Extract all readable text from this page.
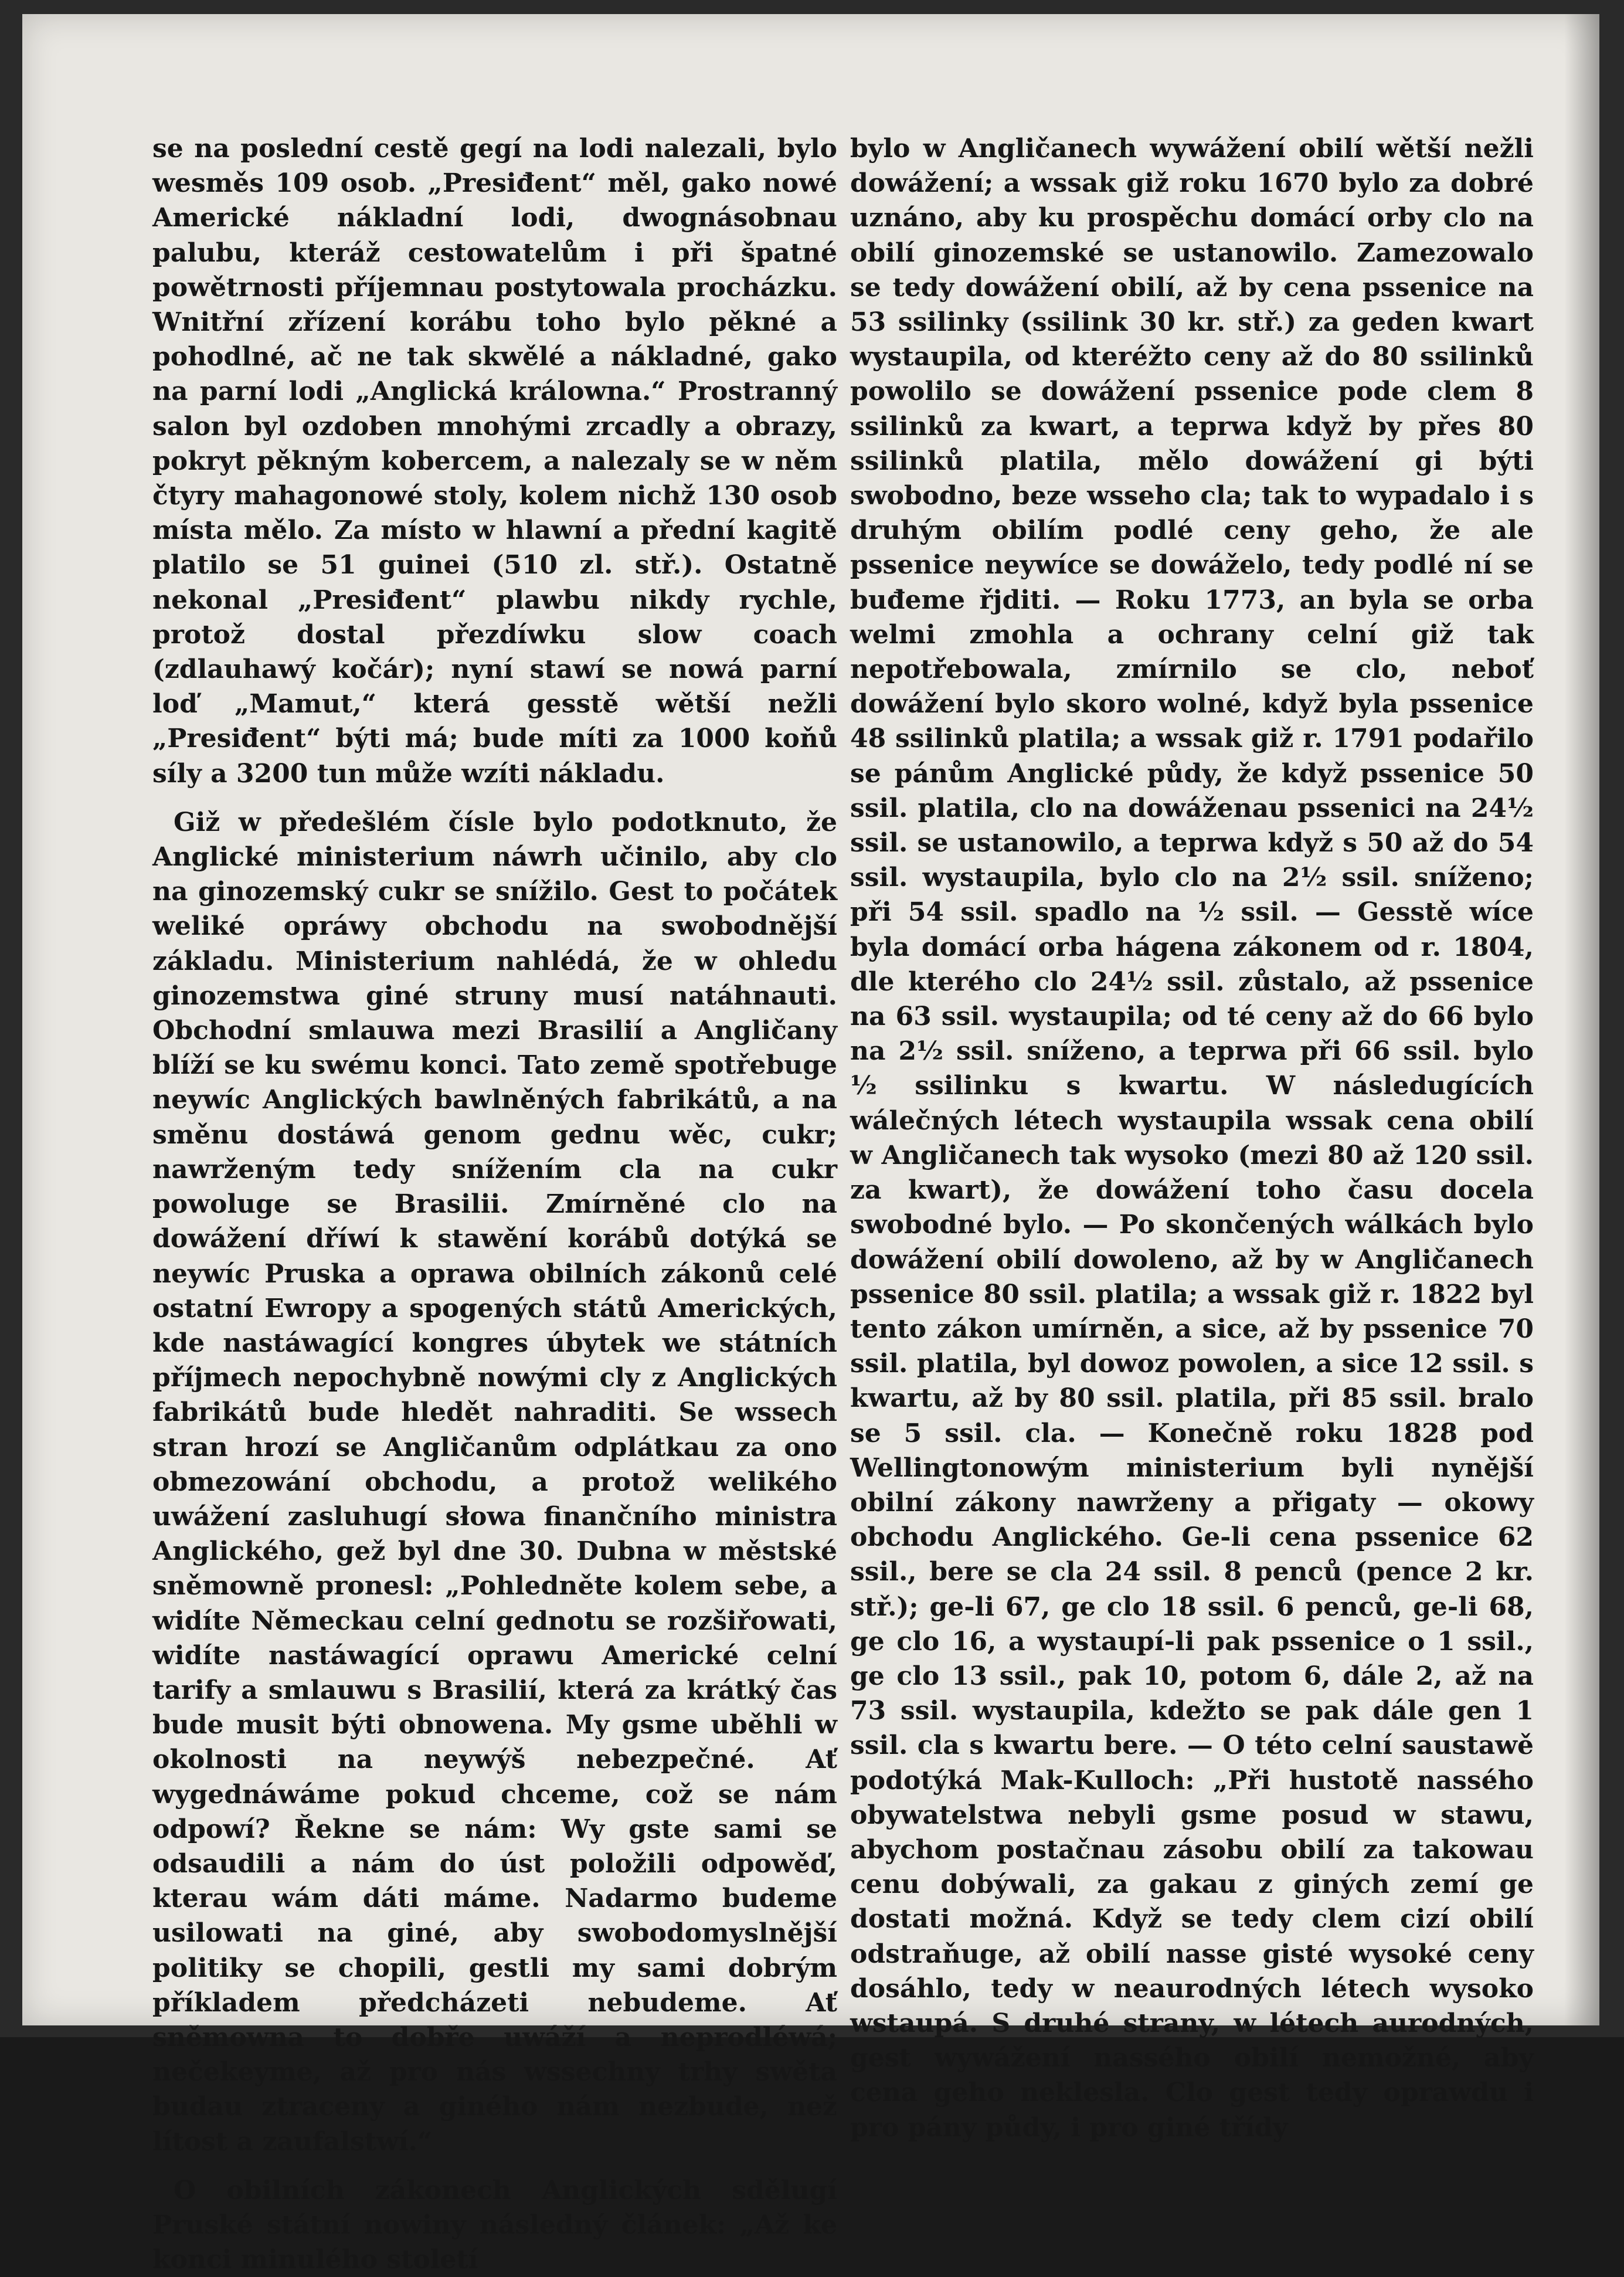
se na poslední cestě gegí na lodi nalezali, bylo wesměs 109 osob. „Presiđent“ měl, gako nowé Americké nákladní lodi, dwognásobnau palubu, kteráž cestowatelům i při špatné powětrnosti příjemnau postytowala procházku. Wnitřní zřízení korábu toho bylo pěkné a pohodlné, ač ne tak skwělé a nákladné, gako na parní lodi „Anglická králowna.“ Prostranný salon byl ozdoben mnohými zrcadly a obrazy, pokryt pěkným kobercem, a nalezaly se w něm čtyry mahagonowé stoly, kolem nichž 130 osob místa mělo. Za místo w hlawní a přední kagitě platilo se 51 guinei (510 zl. stř.). Ostatně nekonal „Presiđent“ plawbu nikdy rychle, protož dostal přezdíwku slow coach (zdlauhawý kočár); nyní stawí se nowá parní loď „Mamut,“ která gesstě wětší nežli „Presiđent“ býti má; bude míti za 1000 koňů síly a 3200 tun může wzíti nákladu.

Giž w předešlém čísle bylo podotknuto, že Anglické ministerium náwrh učinilo, aby clo na ginozemský cukr se snížilo. Gest to počátek weliké opráwy obchodu na swobodnější základu. Ministerium nahlédá, že w ohledu ginozemstwa giné struny musí natáhnauti. Obchodní smlauwa mezi Brasilií a Angličany blíží se ku swému konci. Tato země spotřebuge neywíc Anglických bawlněných fabrikátů, a na směnu dostáwá genom gednu wěc, cukr; nawrženým tedy snížením cla na cukr powoluge se Brasilii. Zmírněné clo na dowážení dříwí k stawění korábů dotýká se neywíc Pruska a oprawa obilních zákonů celé ostatní Ewropy a spogených států Amerických, kde nastáwagící kongres úbytek we státních příjmech nepochybně nowými cly z Anglických fabrikátů bude hledět nahraditi. Se wssech stran hrozí se Angličanům odplátkau za ono obmezowání obchodu, a protož welikého uwážení zasluhugí słowa finančního ministra Anglického, gež byl dne 30. Dubna w městské sněmowně pronesl: „Pohledněte kolem sebe, a widíte Německau celní gednotu se rozšiřowati, widíte nastáwagící oprawu Americké celní tarify a smlauwu s Brasilií, která za krátký čas bude musit býti obnowena. My gsme uběhli w okolnosti na neywýš nebezpečné. Ať wygednáwáme pokud chceme, což se nám odpowí? Řekne se nám: Wy gste sami se odsaudili a nám do úst položili odpowěď, kterau wám dáti máme. Nadarmo budeme usilowati na giné, aby swobodomyslnější politiky se chopili, gestli my sami dobrým příkladem předcházeti nebudeme. Ať sněmowna to dobře uwáží a neprodléwá; nečekeyme, až pro nás wssechny trhy swěta budau ztraceny a giného nám nezbude, než lítost a zaufalstwí.“

O obilních zákonech Anglických sdělugí Pruské státní nowiny následný článek: „Až ke konci minulého století

bylo w Angličanech wywážení obilí wětší nežli dowážení; a wssak giž roku 1670 bylo za dobré uznáno, aby ku prospěchu domácí orby clo na obilí ginozemské se ustanowilo. Zamezowalo se tedy dowážení obilí, až by cena pssenice na 53 ssilinky (ssilink 30 kr. stř.) za geden kwart wystaupila, od kteréžto ceny až do 80 ssilinků powolilo se dowážení pssenice pode clem 8 ssilinků za kwart, a teprwa když by přes 80 ssilinků platila, mělo dowážení gi býti swobodno, beze wsseho cla; tak to wypadalo i s druhým obilím podlé ceny geho, že ale pssenice neywíce se dowáželo, tedy podlé ní se buđeme řjditi. — Roku 1773, an byla se orba welmi zmohla a ochrany celní giž tak nepotřebowala, zmírnilo se clo, neboť dowážení bylo skoro wolné, když byla pssenice 48 ssilinků platila; a wssak giž r. 1791 podařilo se pánům Anglické půdy, že když pssenice 50 ssil. platila, clo na dowáženau pssenici na 24½ ssil. se ustanowilo, a teprwa když s 50 až do 54 ssil. wystaupila, bylo clo na 2½ ssil. sníženo; při 54 ssil. spadlo na ½ ssil. — Gesstě wíce byla domácí orba hágena zákonem od r. 1804, dle kterého clo 24½ ssil. zůstalo, až pssenice na 63 ssil. wystaupila; od té ceny až do 66 bylo na 2½ ssil. sníženo, a teprwa při 66 ssil. bylo ½ ssilinku s kwartu. W následugících wálečných létech wystaupila wssak cena obilí w Angličanech tak wysoko (mezi 80 až 120 ssil. za kwart), že dowážení toho času docela swobodné bylo. — Po skončených wálkách bylo dowážení obilí dowoleno, až by w Angličanech pssenice 80 ssil. platila; a wssak giž r. 1822 byl tento zákon umírněn, a sice, až by pssenice 70 ssil. platila, byl dowoz powolen, a sice 12 ssil. s kwartu, až by 80 ssil. platila, při 85 ssil. bralo se 5 ssil. cla. — Konečně roku 1828 pod Wellingtonowým ministerium byli nynější obilní zákony nawrženy a přigaty — okowy obchodu Anglického. Ge-li cena pssenice 62 ssil., bere se cla 24 ssil. 8 penců (pence 2 kr. stř.); ge-li 67, ge clo 18 ssil. 6 penců, ge-li 68, ge clo 16, a wystaupí-li pak pssenice o 1 ssil., ge clo 13 ssil., pak 10, potom 6, dále 2, až na 73 ssil. wystaupila, kdežto se pak dále gen 1 ssil. cla s kwartu bere. — O této celní saustawě podotýká Mak-Kulloch: „Při hustotě nassého obywatelstwa nebyli gsme posud w stawu, abychom postačnau zásobu obilí za takowau cenu dobýwali, za gakau z giných zemí ge dostati možná. Když se tedy clem cizí obilí odstraňuge, až obilí nasse gisté wysoké ceny dosáhlo, tedy w neaurodných létech wysoko wstaupá. S druhé strany, w létech aurodných, gest wywážení nassého obilí nemožné, aby cena geho neklesla. Clo gest tedy oprawdu i pro pány půdy, i pro giné třídy
